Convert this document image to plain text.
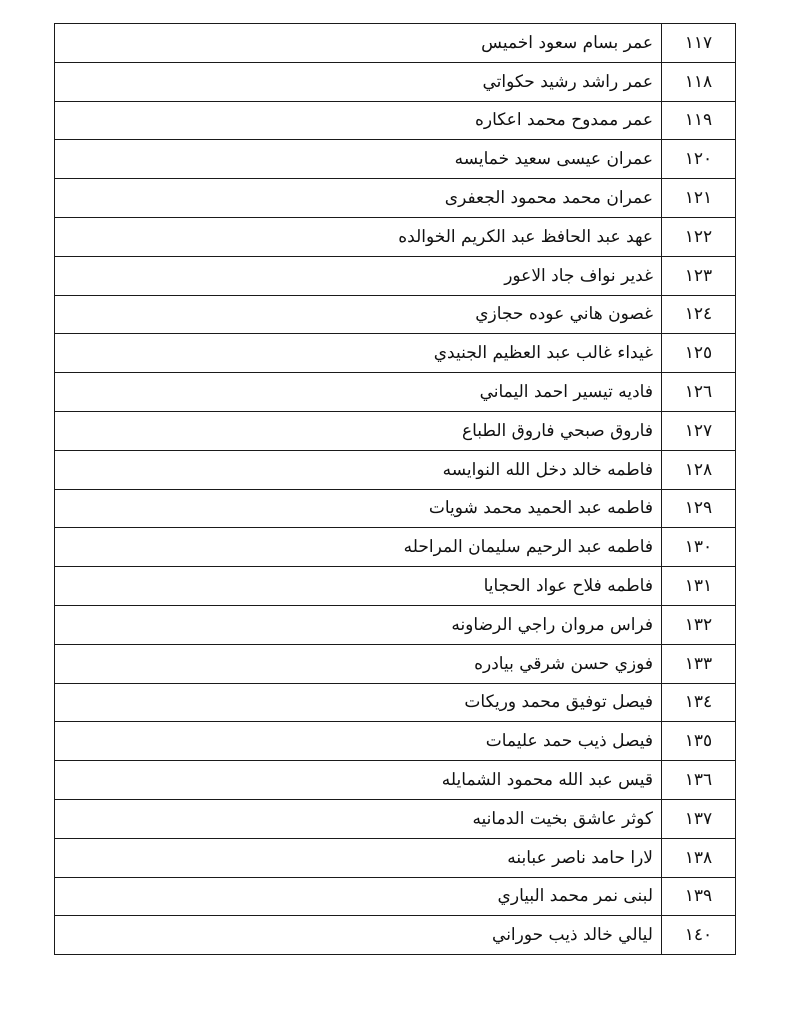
١١٧	عمر بسام سعود اخميس
١١٨	عمر راشد رشيد حكواتي
١١٩	عمر ممدوح محمد اعكاره
١٢٠	عمران عيسى سعيد خمايسه
١٢١	عمران محمد محمود الجعفرى
١٢٢	عهد عبد الحافظ عبد الكريم الخوالده
١٢٣	غدير نواف جاد الاعور
١٢٤	غصون هاني عوده حجازي
١٢٥	غيداء غالب عبد العظيم الجنيدي
١٢٦	فاديه تيسير احمد اليماني
١٢٧	فاروق صبحي فاروق الطباع
١٢٨	فاطمه خالد دخل الله النوايسه
١٢٩	فاطمه عبد الحميد محمد شويات
١٣٠	فاطمه عبد الرحيم سليمان المراحله
١٣١	فاطمه فلاح عواد الحجايا
١٣٢	فراس مروان راجي الرضاونه
١٣٣	فوزي حسن شرقي بيادره
١٣٤	فيصل توفيق محمد وريكات
١٣٥	فيصل ذيب حمد عليمات
١٣٦	قيس عبد الله محمود الشمايله
١٣٧	كوثر عاشق بخيت الدمانيه
١٣٨	لارا حامد ناصر عبابنه
١٣٩	لبنى نمر محمد البياري
١٤٠	ليالي خالد ذيب حوراني
